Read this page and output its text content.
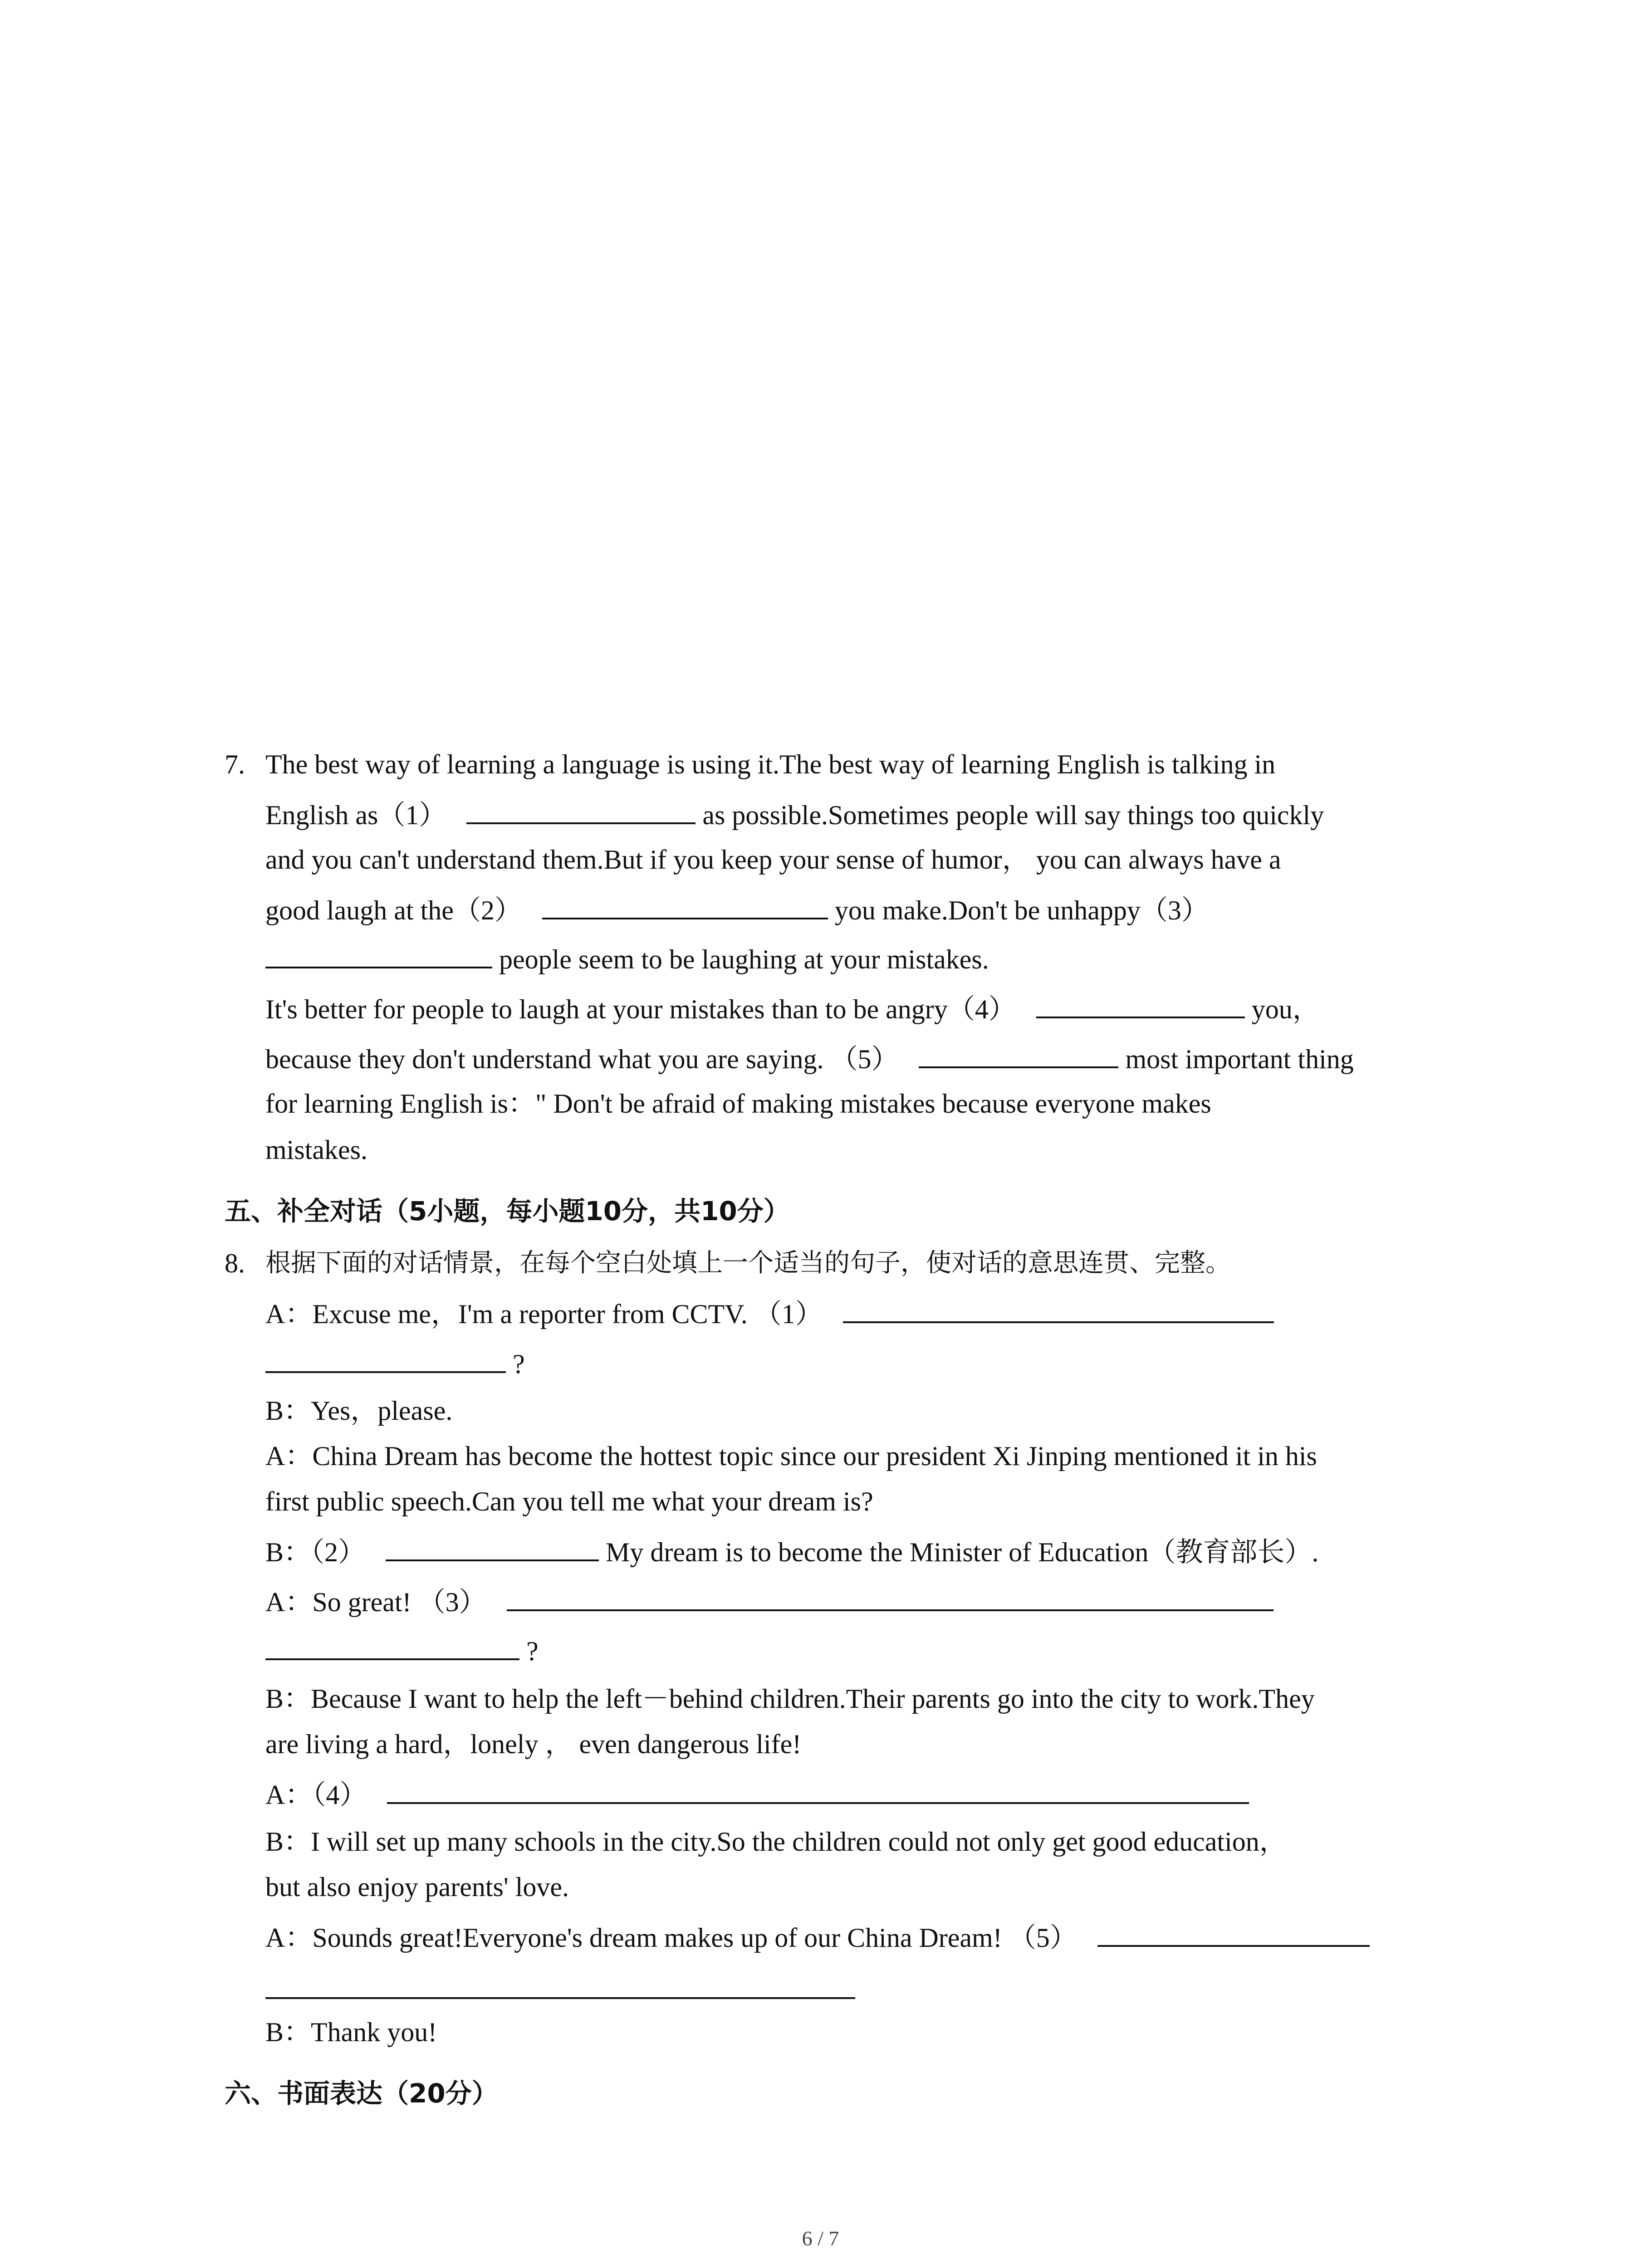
7. The best way of learning a language is using it.The best way of learning English is talking in
English as（1）	as possible.Sometimes people will say things too quickly
and you can't understand them.But if you keep your sense of humor， you can always have a
good laugh at the（2）	you make.Don't be unhappy（3）
people seem to be laughing at your mistakes.
It's better for people to laugh at your mistakes than to be angry（4）	you，
because they don't understand what you are saying. （5）	most important thing
for learning English is：" Don't be afraid of making mistakes because everyone makes
mistakes.
五、补全对话（5小题，每小题10分，共10分）
8. 根据下面的对话情景，在每个空白处填上一个适当的句子，使对话的意思连贯、完整。
A：Excuse me，I'm a reporter from CCTV. （1）
?
B：Yes，please.
A：China Dream has become the hottest topic since our president Xi Jinping mentioned it in his
first public speech.Can you tell me what your dream is?
B：（2）	My dream is to become the Minister of Education（教育部长）.
A：So great! （3）
?
B：Because I want to help the left－behind children.Their parents go into the city to work.They
are living a hard，lonely ， even dangerous life!
A：（4）
B：I will set up many schools in the city.So the children could not only get good education，
but also enjoy parents' love.
A：Sounds great!Everyone's dream makes up of our China Dream! （5）
B：Thank you!
六、书面表达（20分）
6 / 7
